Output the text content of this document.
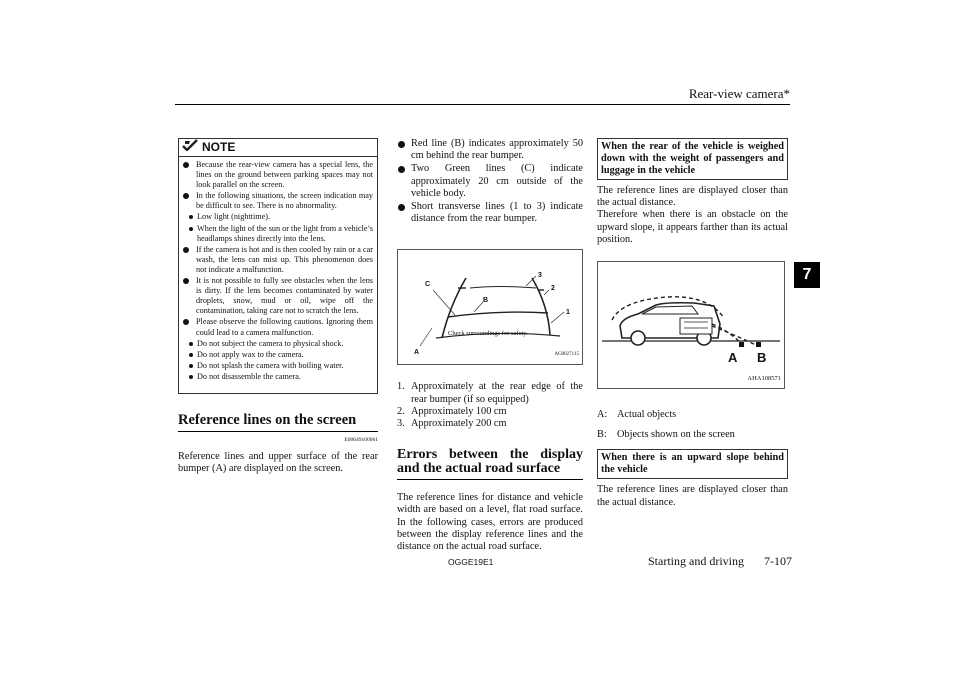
Rear-view camera*
7
NOTE
Because the rear-view camera has a special lens, the lines on the ground between parking spaces may not look parallel on the screen.
In the following situations, the screen indication may be difficult to see. There is no abnormality.
Low light (nighttime).
When the light of the sun or the light from a vehicle’s headlamps shines directly into the lens.
If the camera is hot and is then cooled by rain or a car wash, the lens can mist up. This phenomenon does not indicate a malfunction.
It is not possible to fully see obstacles when the lens is dirty. If the lens becomes contaminated by water droplets, snow, mud or oil, wipe off the contamination, taking care not to scratch the lens.
Please observe the following cautions. Ignoring them could lead to a camera malfunction.
Do not subject the camera to physical shock.
Do not apply wax to the camera.
Do not splash the camera with boiling water.
Do not disassemble the camera.
Reference lines on the screen
E00649100061
Reference lines and upper surface of the rear bumper (A) are displayed on the screen.
Red line (B) indicates approximately 50 cm behind the rear bumper.
Two Green lines (C) indicate approximately 20 cm outside of the vehicle body.
Short transverse lines (1 to 3) indicate distance from the rear bumper.
C
3
2
B
1
A
Check surroundings for safety.
AG0027115
1. Approximately at the rear edge of the rear bumper (if so equipped)
2. Approximately 100 cm
3. Approximately 200 cm
Errors between the display and the actual road surface
The reference lines for distance and vehicle width are based on a level, flat road surface. In the following cases, errors are produced between the display reference lines and the distance on the actual road surface.
When the rear of the vehicle is weighed down with the weight of passengers and luggage in the vehicle
The reference lines are displayed closer than the actual distance.
Therefore when there is an obstacle on the upward slope, it appears farther than its actual position.
A B
AHA108571
A: Actual objects
B: Objects shown on the screen
When there is an upward slope behind the vehicle
The reference lines are displayed closer than the actual distance.
OGGE19E1	Starting and driving 7-107
